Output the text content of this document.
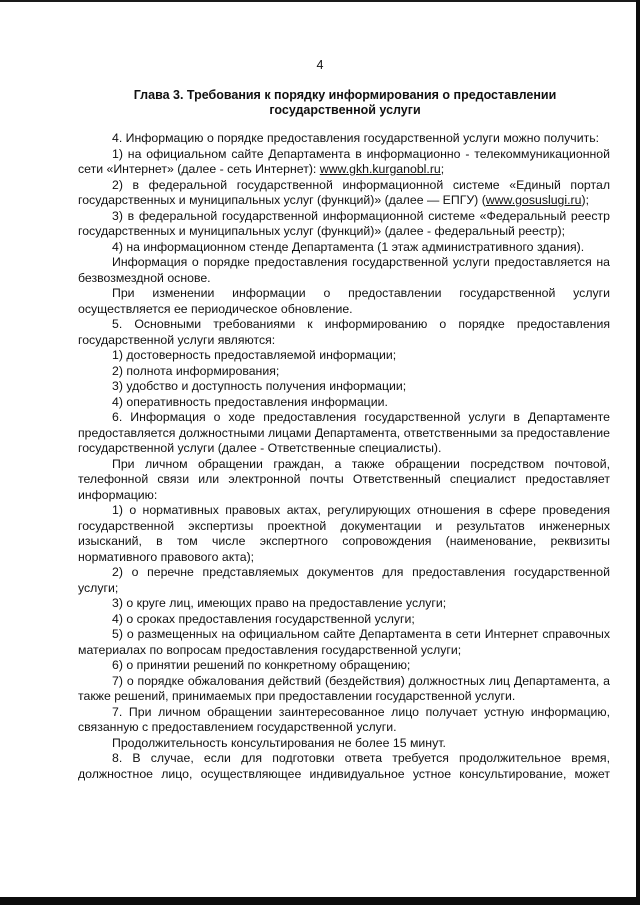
4
Глава 3. Требования к порядку информирования о предоставлении
государственной услуги

4. Информацию о порядке предоставления государственной услуги можно получить:

1) на официальном сайте Департамента в информационно - телекоммуникационной сети «Интернет» (далее - сеть Интернет): www.gkh.kurganobl.ru;

2) в федеральной государственной информационной системе «Единый портал государственных и муниципальных услуг (функций)» (далее — ЕПГУ) (www.gosuslugi.ru);

3) в федеральной государственной информационной системе «Федеральный реестр государственных и муниципальных услуг (функций)» (далее - федеральный реестр);

4) на информационном стенде Департамента (1 этаж административного здания).

Информация о порядке предоставления государственной услуги предоставляется на безвозмездной основе.

При изменении информации о предоставлении государственной услуги осуществляется ее периодическое обновление.

5. Основными требованиями к информированию о порядке предоставления государственной услуги являются:

1) достоверность предоставляемой информации;

2) полнота информирования;

3) удобство и доступность получения информации;

4) оперативность предоставления информации.

6. Информация о ходе предоставления государственной услуги в Департаменте предоставляется должностными лицами Департамента, ответственными за предоставление государственной услуги (далее - Ответственные специалисты).

При личном обращении граждан, а также обращении посредством почтовой, телефонной связи или электронной почты Ответственный специалист предоставляет информацию:

1) о нормативных правовых актах, регулирующих отношения в сфере проведения государственной экспертизы проектной документации и результатов инженерных изысканий, в том числе экспертного сопровождения (наименование, реквизиты нормативного правового акта);

2) о перечне представляемых документов для предоставления государственной услуги;

3) о круге лиц, имеющих право на предоставление услуги;

4) о сроках предоставления государственной услуги;

5) о размещенных на официальном сайте Департамента в сети Интернет справочных материалах по вопросам предоставления государственной услуги;

6) о принятии решений по конкретному обращению;

7) о порядке обжалования действий (бездействия) должностных лиц Департамента, а также решений, принимаемых при предоставлении государственной услуги.

7. При личном обращении заинтересованное лицо получает устную информацию, связанную с предоставлением государственной услуги.

Продолжительность консультирования не более 15 минут.

8. В случае, если для подготовки ответа требуется продолжительное время, должностное лицо, осуществляющее индивидуальное устное консультирование, может
